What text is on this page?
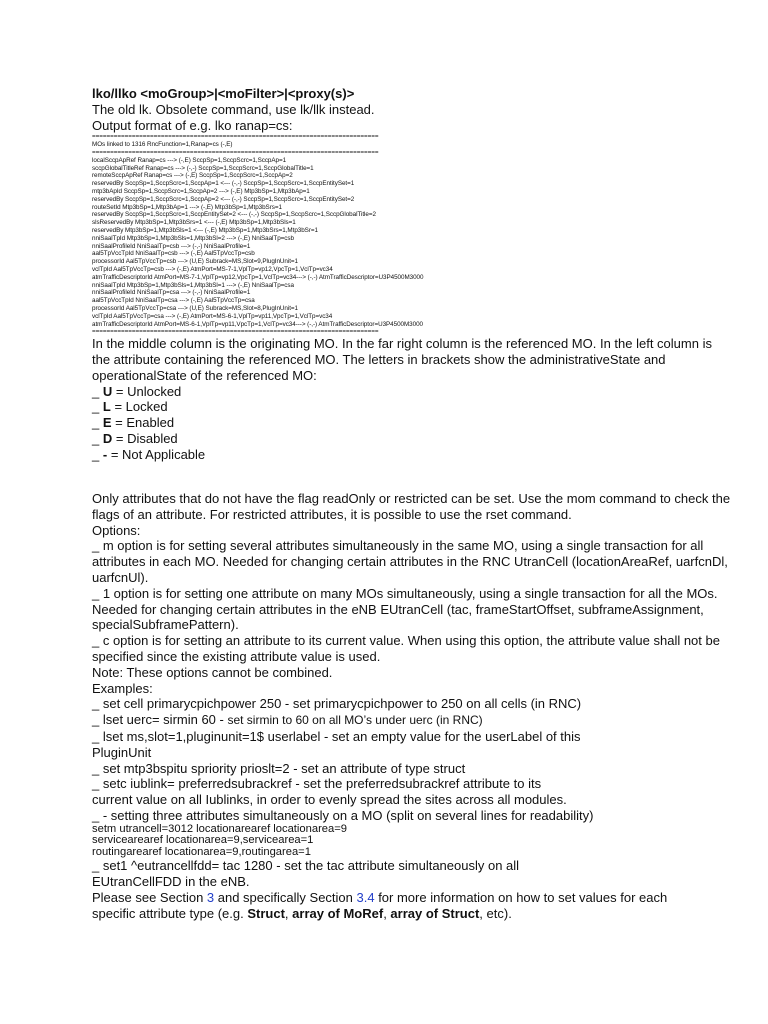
lko/llko <moGroup>|<moFilter>|<proxy(s)>
The old lk. Obsolete command, use lk/llk instead.
Output format of e.g. lko ranap=cs:
===============================================================================
MOs linked to 1316 RncFunction=1,Ranap=cs (-,E)
===============================================================================
localSccpApRef Ranap=cs ---> (-,E) SccpSp=1,SccpScrc=1,SccpAp=1
sccpGlobalTitleRef Ranap=cs ---> (-,-) SccpSp=1,SccpScrc=1,SccpGlobalTitle=1
remoteSccpApRef Ranap=cs ---> (-,E) SccpSp=1,SccpScrc=1,SccpAp=2
reservedBy SccpSp=1,SccpScrc=1,SccpAp=1 <--- (-,-) SccpSp=1,SccpScrc=1,SccpEntitySet=1
mtp3bApId SccpSp=1,SccpScrc=1,SccpAp=2 ---> (-,E) Mtp3bSp=1,Mtp3bAp=1
reservedBy SccpSp=1,SccpScrc=1,SccpAp=2 <--- (-,-) SccpSp=1,SccpScrc=1,SccpEntitySet=2
routeSetId Mtp3bSp=1,Mtp3bAp=1 ---> (-,E) Mtp3bSp=1,Mtp3bSrs=1
reservedBy SccpSp=1,SccpScrc=1,SccpEntitySet=2 <--- (-,-) SccpSp=1,SccpScrc=1,SccpGlobalTitle=2
slsReservedBy Mtp3bSp=1,Mtp3bSrs=1 <--- (-,E) Mtp3bSp=1,Mtp3bSls=1
reservedBy Mtp3bSp=1,Mtp3bSls=1 <--- (-,E) Mtp3bSp=1,Mtp3bSrs=1,Mtp3bSr=1
nniSaalTpId Mtp3bSp=1,Mtp3bSls=1,Mtp3bSl=2 ---> (-,E) NniSaalTp=csb
nniSaalProfileId NniSaalTp=csb ---> (-,-) NniSaalProfile=1
aal5TpVccTpId NniSaalTp=csb ---> (-,E) Aal5TpVccTp=csb
processorId Aal5TpVccTp=csb ---> (U,E) Subrack=MS,Slot=9,PlugInUnit=1
vclTpId Aal5TpVccTp=csb ---> (-,E) AtmPort=MS-7-1,VplTp=vp12,VpcTp=1,VclTp=vc34
atmTrafficDescriptorId AtmPort=MS-7-1,VplTp=vp12,VpcTp=1,VclTp=vc34---> (-,-) AtmTrafficDescriptor=U3P4500M3000
nniSaalTpId Mtp3bSp=1,Mtp3bSls=1,Mtp3bSl=1 ---> (-,E) NniSaalTp=csa
nniSaalProfileId NniSaalTp=csa ---> (-,-) NniSaalProfile=1
aal5TpVccTpId NniSaalTp=csa ---> (-,E) Aal5TpVccTp=csa
processorId Aal5TpVccTp=csa ---> (U,E) Subrack=MS,Slot=8,PlugInUnit=1
vclTpId Aal5TpVccTp=csa ---> (-,E) AtmPort=MS-6-1,VplTp=vp11,VpcTp=1,VclTp=vc34
atmTrafficDescriptorId AtmPort=MS-6-1,VplTp=vp11,VpcTp=1,VclTp=vc34---> (-,-) AtmTrafficDescriptor=U3P4500M3000
===============================================================================
In the middle column is the originating MO. In the far right column is the referenced MO. In the left column is the attribute containing the referenced MO. The letters in brackets show the administrativeState and operationalState of the referenced MO:
_ U = Unlocked
_ L = Locked
_ E = Enabled
_ D = Disabled
_ - = Not Applicable
Only attributes that do not have the flag readOnly or restricted can be set. Use the mom command to check the flags of an attribute. For restricted attributes, it is possible to use the rset command.
Options:
_ m option is for setting several attributes simultaneously in the same MO, using a single transaction for all attributes in each MO. Needed for changing certain attributes in the RNC UtranCell (locationAreaRef, uarfcnDl, uarfcnUl).
_ 1 option is for setting one attribute on many MOs simultaneously, using a single transaction for all the MOs. Needed for changing certain attributes in the eNB EUtranCell (tac, frameStartOffset, subframeAssignment, specialSubframePattern).
_ c option is for setting an attribute to its current value. When using this option, the attribute value shall not be specified since the existing attribute value is used.
Note: These options cannot be combined.
Examples:
_ set cell primarycpichpower 250 - set primarycpichpower to 250 on all cells (in RNC)
_ lset uerc= sirmin 60 - set sirmin to 60 on all MO’s under uerc (in RNC)
_ lset ms,slot=1,pluginunit=1$ userlabel - set an empty value for the userLabel of this
PluginUnit
_ set mtp3bspitu spriority prioslt=2 - set an attribute of type struct
_ setc iublink= preferredsubrackref - set the preferredsubrackref attribute to its
current value on all Iublinks, in order to evenly spread the sites across all modules.
_ - setting three attributes simultaneously on a MO (split on several lines for readability)
setm utrancell=3012 locationarearef locationarea=9
servicearearef locationarea=9,servicearea=1
routingarearef locationarea=9,routingarea=1
_ set1 ^eutrancellfdd= tac 1280 - set the tac attribute simultaneously on all
EUtranCellFDD in the eNB.
Please see Section 3 and specifically Section 3.4 for more information on how to set values for each
specific attribute type (e.g. Struct, array of MoRef, array of Struct, etc).
